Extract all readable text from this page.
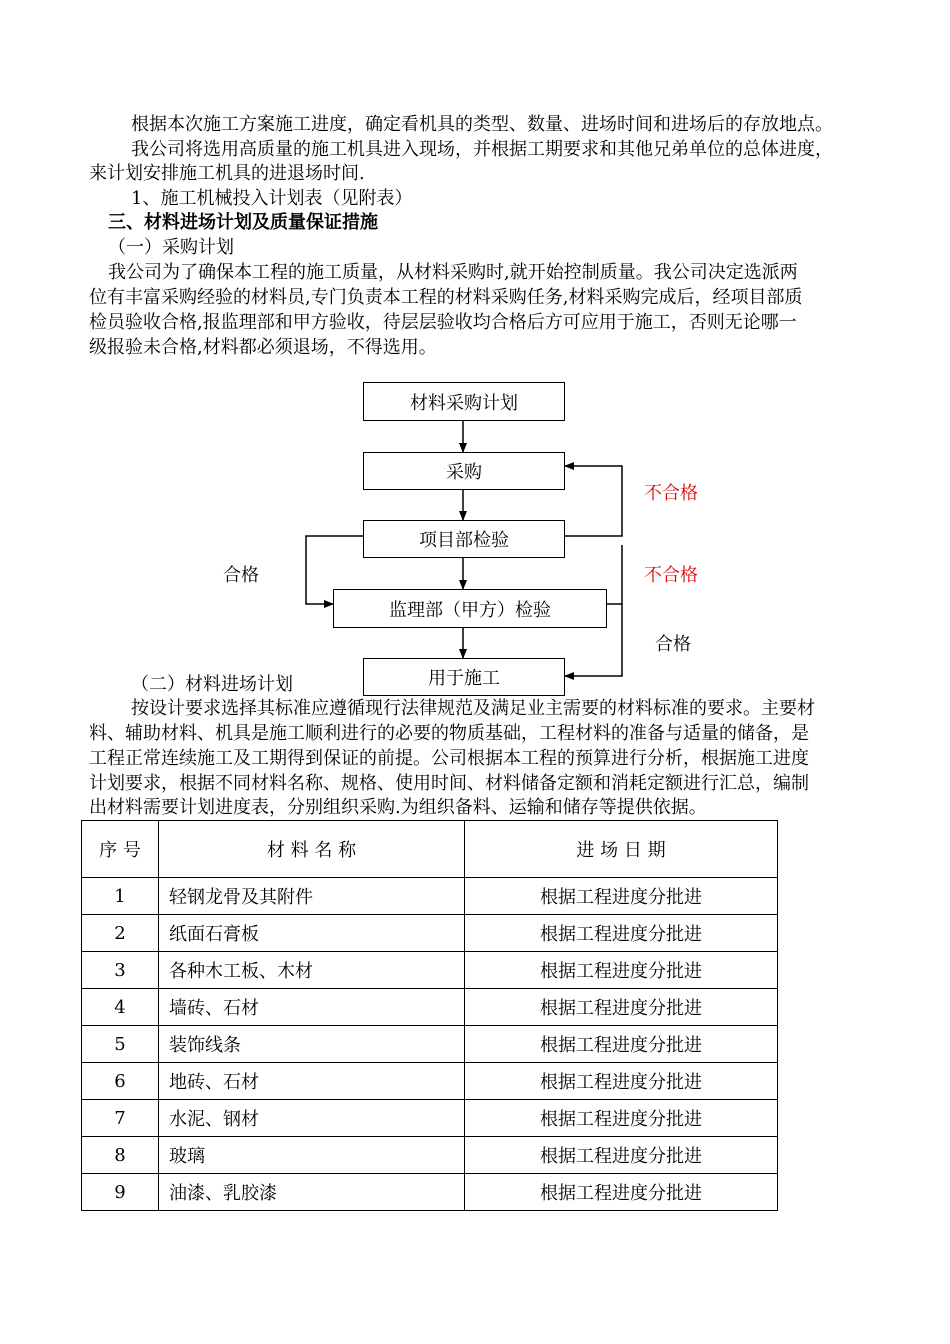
根据本次施工方案施工进度，确定看机具的类型、数量、进场时间和进场后的存放地点。
我公司将选用高质量的施工机具进入现场，并根据工期要求和其他兄弟单位的总体进度，
来计划安排施工机具的进退场时间.
1、施工机械投入计划表（见附表）
三、材料进场计划及质量保证措施
（一）采购计划
我公司为了确保本工程的施工质量，从材料采购时,就开始控制质量。我公司决定选派两
位有丰富采购经验的材料员,专门负责本工程的材料采购任务,材料采购完成后，经项目部质
检员验收合格,报监理部和甲方验收，待层层验收均合格后方可应用于施工，否则无论哪一
级报验未合格,材料都必须退场，不得选用。
材料采购计划
采购
项目部检验
监理部（甲方）检验
用于施工
不合格
不合格
合格
合格
（二）材料进场计划
按设计要求选择其标准应遵循现行法律规范及满足业主需要的材料标准的要求。主要材
料、辅助材料、机具是施工顺利进行的必要的物质基础，工程材料的准备与适量的储备，是
工程正常连续施工及工期得到保证的前提。公司根据本工程的预算进行分析，根据施工进度
计划要求，根据不同材料名称、规格、使用时间、材料储备定额和消耗定额进行汇总，编制
出材料需要计划进度表，分别组织采购.为组织备料、运输和储存等提供依据。
序 号	材 料 名 称	进 场 日 期
1	轻钢龙骨及其附件	根据工程进度分批进
2	纸面石膏板	根据工程进度分批进
3	各种木工板、木材	根据工程进度分批进
4	墙砖、石材	根据工程进度分批进
5	装饰线条	根据工程进度分批进
6	地砖、石材	根据工程进度分批进
7	水泥、钢材	根据工程进度分批进
8	玻璃	根据工程进度分批进
9	油漆、乳胶漆	根据工程进度分批进
